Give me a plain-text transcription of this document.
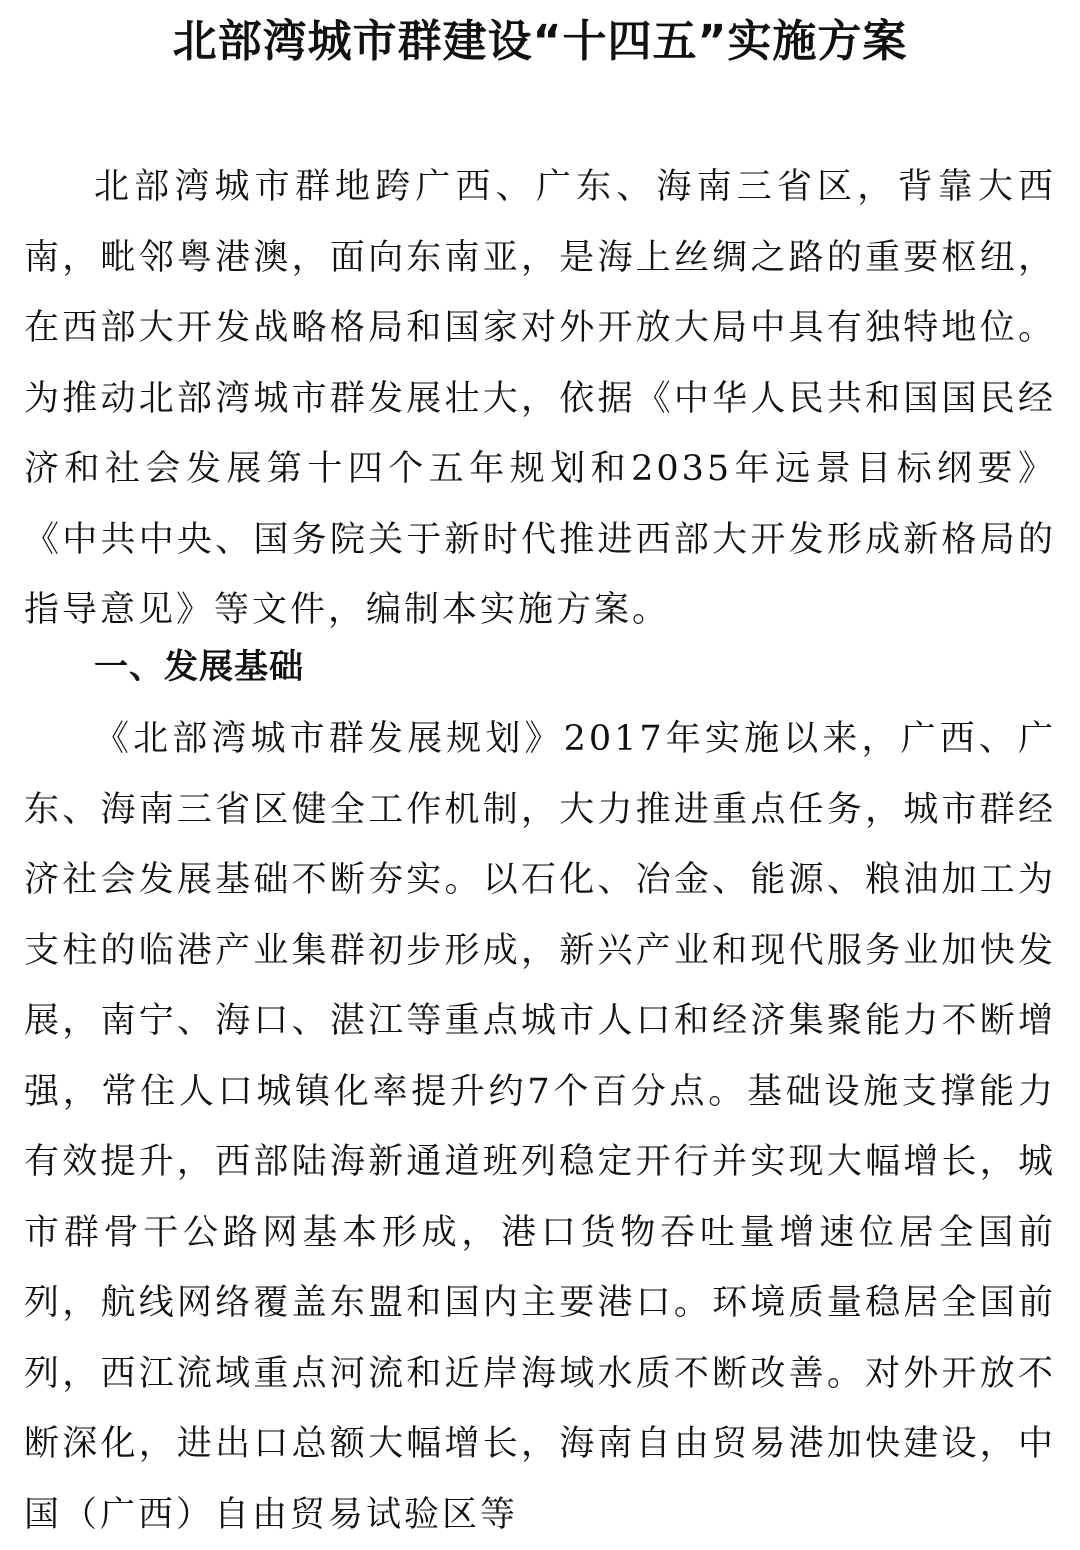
北部湾城市群建设“十四五”实施方案

北部湾城市群地跨广西、广东、海南三省区，背靠大西南，毗邻粤港澳，面向东南亚，是海上丝绸之路的重要枢纽，在西部大开发战略格局和国家对外开放大局中具有独特地位。为推动北部湾城市群发展壮大，依据《中华人民共和国国民经济和社会发展第十四个五年规划和2035年远景目标纲要》《中共中央、国务院关于新时代推进西部大开发形成新格局的指导意见》等文件，编制本实施方案。

一、发展基础

《北部湾城市群发展规划》2017年实施以来，广西、广东、海南三省区健全工作机制，大力推进重点任务，城市群经济社会发展基础不断夯实。以石化、冶金、能源、粮油加工为支柱的临港产业集群初步形成，新兴产业和现代服务业加快发展，南宁、海口、湛江等重点城市人口和经济集聚能力不断增强，常住人口城镇化率提升约7个百分点。基础设施支撑能力有效提升，西部陆海新通道班列稳定开行并实现大幅增长，城市群骨干公路网基本形成，港口货物吞吐量增速位居全国前列，航线网络覆盖东盟和国内主要港口。环境质量稳居全国前列，西江流域重点河流和近岸海域水质不断改善。对外开放不断深化，进出口总额大幅增长，海南自由贸易港加快建设，中国（广西）自由贸易试验区等
